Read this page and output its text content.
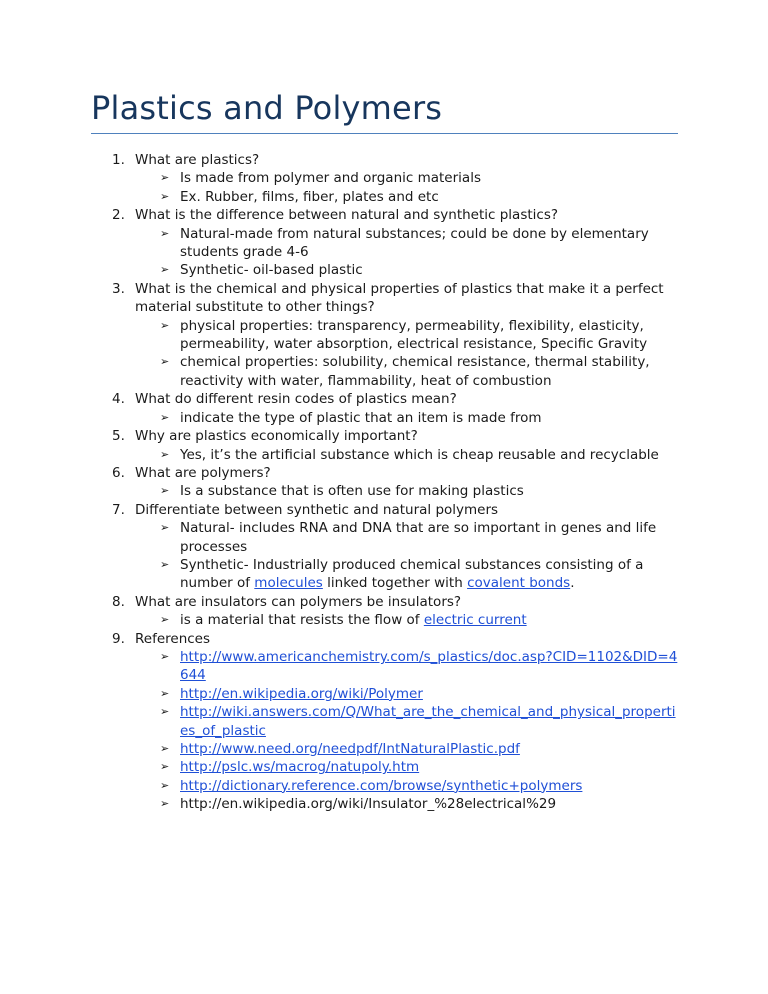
Plastics and Polymers
1. What are plastics?
➢ Is made from polymer and organic materials
➢ Ex. Rubber, films, fiber, plates and etc
2. What is the difference between natural and synthetic plastics?
➢ Natural-made from natural substances; could be done by elementary students grade 4-6
➢ Synthetic- oil-based plastic
3. What is the chemical and physical properties of plastics that make it a perfect material substitute to other things?
➢ physical properties: transparency, permeability, flexibility, elasticity, permeability, water absorption, electrical resistance, Specific Gravity
➢ chemical properties: solubility, chemical resistance, thermal stability, reactivity with water, flammability, heat of combustion
4. What do different resin codes of plastics mean?
➢ indicate the type of plastic that an item is made from
5. Why are plastics economically important?
➢ Yes, it’s the artificial substance which is cheap reusable and recyclable
6. What are polymers?
➢ Is a substance that is often use for making plastics
7. Differentiate between synthetic and natural polymers
➢ Natural- includes RNA and DNA that are so important in genes and life processes
➢ Synthetic- Industrially produced chemical substances consisting of a number of molecules linked together with covalent bonds.
8. What are insulators can polymers be insulators?
➢ is a material that resists the flow of electric current
9. References
➢ http://www.americanchemistry.com/s_plastics/doc.asp?CID=1102&DID=4644
➢ http://en.wikipedia.org/wiki/Polymer
➢ http://wiki.answers.com/Q/What_are_the_chemical_and_physical_properties_of_plastic
➢ http://www.need.org/needpdf/IntNaturalPlastic.pdf
➢ http://pslc.ws/macrog/natupoly.htm
➢ http://dictionary.reference.com/browse/synthetic+polymers
➢ http://en.wikipedia.org/wiki/Insulator_%28electrical%29
